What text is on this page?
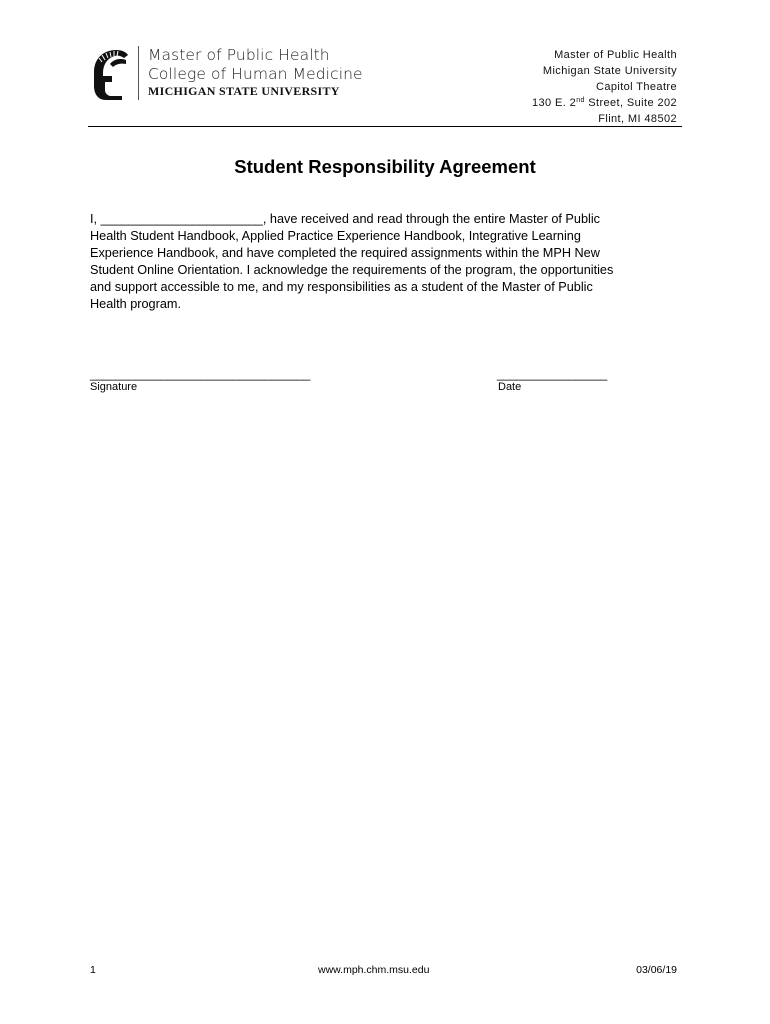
Master of Public Health
College of Human Medicine
MICHIGAN STATE UNIVERSITY
Master of Public Health
Michigan State University
Capitol Theatre
130 E. 2nd Street, Suite 202
Flint, MI 48502
Student Responsibility Agreement
I, _______________________, have received and read through the entire Master of Public
Health Student Handbook, Applied Practice Experience Handbook, Integrative Learning
Experience Handbook, and have completed the required assignments within the MPH New
Student Online Orientation. I acknowledge the requirements of the program, the opportunities
and support accessible to me, and my responsibilities as a student of the Master of Public
Health program.
__________________________________
Signature
_________________
Date
1	www.mph.chm.msu.edu	03/06/19
